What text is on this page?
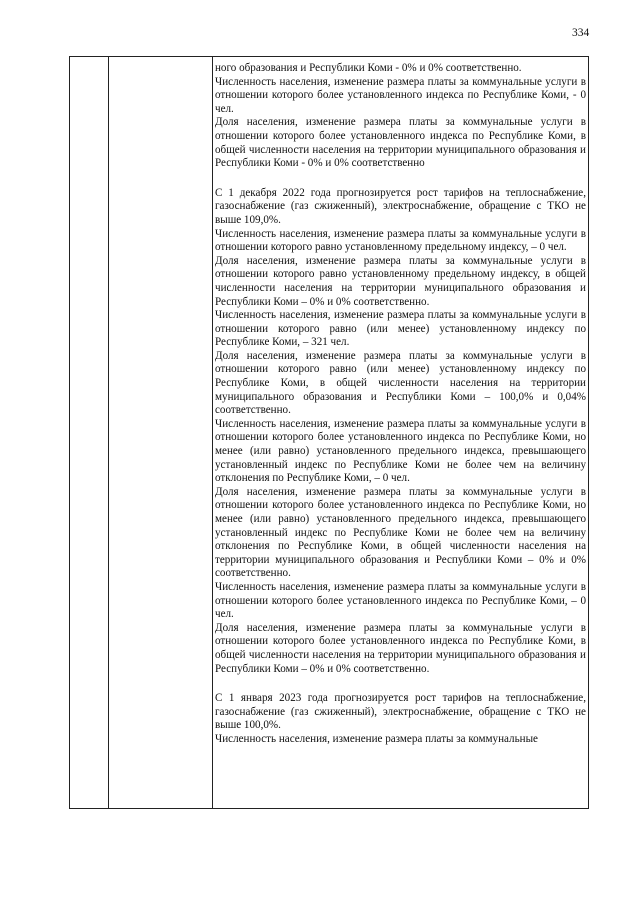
334

ного образования и Республики Коми - 0% и 0% соответственно.

Численность населения, изменение размера платы за коммунальные услуги в отношении которого более установленного индекса по Республике Коми, - 0 чел.

Доля населения, изменение размера платы за коммунальные услуги в отношении которого более установленного индекса по Республике Коми, в общей численности населения на территории муниципального образования и Республики Коми - 0% и 0% соответственно

С 1 декабря 2022 года прогнозируется рост тарифов на теплоснабжение, газоснабжение (газ сжиженный), электроснабжение, обращение с ТКО не выше 109,0%.

Численность населения, изменение размера платы за коммунальные услуги в отношении которого равно установленному предельному индексу, – 0 чел.

Доля населения, изменение размера платы за коммунальные услуги в отношении которого равно установленному предельному индексу, в общей численности населения на территории муниципального образования и Республики Коми – 0% и 0% соответственно.

Численность населения, изменение размера платы за коммунальные услуги в отношении которого равно (или менее) установленному индексу по Республике Коми, – 321 чел.

Доля населения, изменение размера платы за коммунальные услуги в отношении которого равно (или менее) установленному индексу по Республике Коми, в общей численности населения на территории муниципального образования и Республики Коми – 100,0% и 0,04% соответственно.

Численность населения, изменение размера платы за коммунальные услуги в отношении которого более установленного индекса по Республике Коми, но менее (или равно) установленного предельного индекса, превышающего установленный индекс по Республике Коми не более чем на величину отклонения по Республике Коми, – 0 чел.

Доля населения, изменение размера платы за коммунальные услуги в отношении которого более установленного индекса по Республике Коми, но менее (или равно) установленного предельного индекса, превышающего установленный индекс по Республике Коми не более чем на величину отклонения по Республике Коми, в общей численности населения на территории муниципального образования и Республики Коми – 0% и 0% соответственно.

Численность населения, изменение размера платы за коммунальные услуги в отношении которого более установленного индекса по Республике Коми, – 0 чел.

Доля населения, изменение размера платы за коммунальные услуги в отношении которого более установленного индекса по Республике Коми, в общей численности населения на территории муниципального образования и Республики Коми – 0% и 0% соответственно.

С 1 января 2023 года прогнозируется рост тарифов на теплоснабжение, газоснабжение (газ сжиженный), электроснабжение, обращение с ТКО не выше 100,0%.

Численность населения, изменение размера платы за коммунальные
